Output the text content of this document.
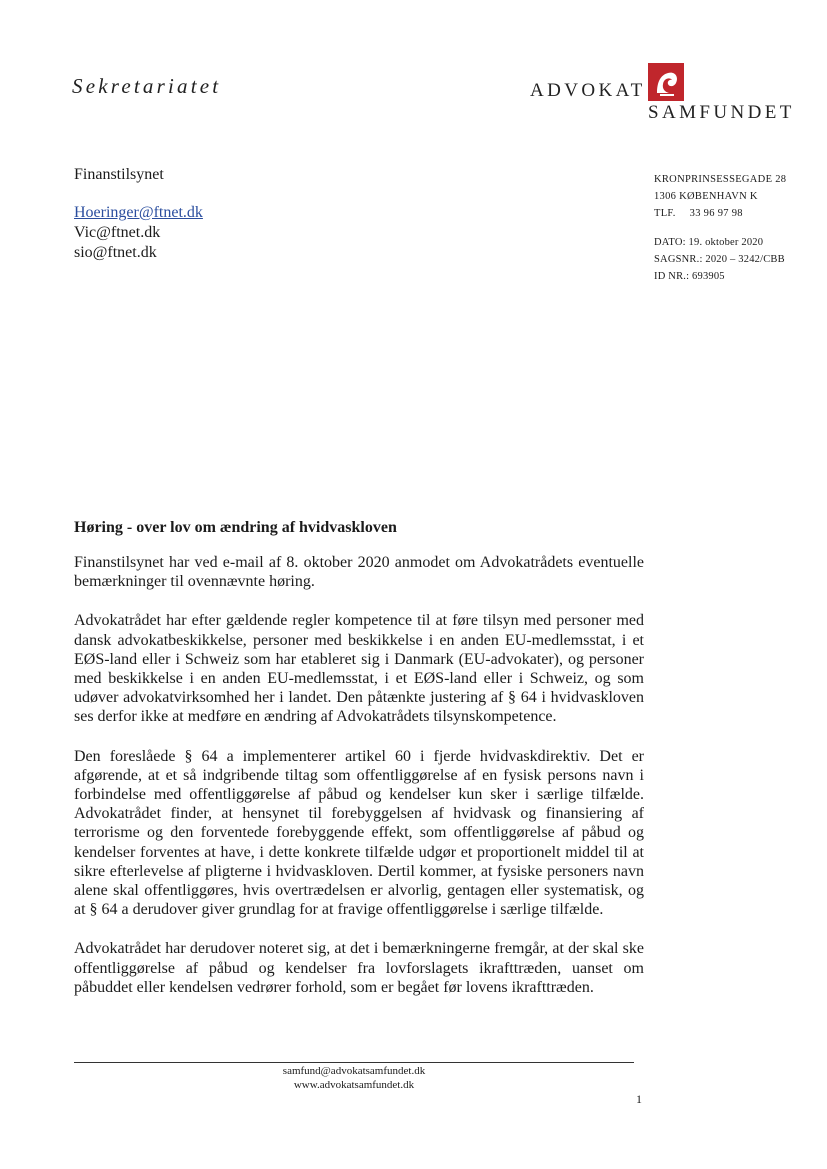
Sekretariatet	ADVOKAT
SAMFUNDET
Finanstilsynet
Hoeringer@ftnet.dk
Vic@ftnet.dk
sio@ftnet.dk
KRONPRINSESSEGADE 28
1306 KØBENHAVN K
TLF. 33 96 97 98
DATO: 19. oktober 2020
SAGSNR.: 2020 – 3242/CBB
ID NR.: 693905
Høring - over lov om ændring af hvidvaskloven

Finanstilsynet har ved e-mail af 8. oktober 2020 anmodet om Advokatrådets eventuelle bemærkninger til ovennævnte høring.

Advokatrådet har efter gældende regler kompetence til at føre tilsyn med personer med dansk advokatbeskikkelse, personer med beskikkelse i en anden EU-medlemsstat, i et EØS-land eller i Schweiz som har etableret sig i Danmark (EU-advokater), og personer med beskikkelse i en anden EU-medlemsstat, i et EØS-land eller i Schweiz, og som udøver advokatvirksomhed her i landet. Den påtænkte justering af § 64 i hvidvaskloven ses derfor ikke at medføre en ændring af Advokatrådets tilsynskompetence.

Den foreslåede § 64 a implementerer artikel 60 i fjerde hvidvaskdirektiv. Det er afgørende, at et så indgribende tiltag som offentliggørelse af en fysisk persons navn i forbindelse med offentliggørelse af påbud og kendelser kun sker i særlige tilfælde. Advokatrådet finder, at hensynet til forebyggelsen af hvidvask og finansiering af terrorisme og den forventede forebyggende effekt, som offentliggørelse af påbud og kendelser forventes at have, i dette konkrete tilfælde udgør et proportionelt middel til at sikre efterlevelse af pligterne i hvidvaskloven. Dertil kommer, at fysiske personers navn alene skal offentliggøres, hvis overtrædelsen er alvorlig, gentagen eller systematisk, og at § 64 a derudover giver grundlag for at fravige offentliggørelse i særlige tilfælde.

Advokatrådet har derudover noteret sig, at det i bemærkningerne fremgår, at der skal ske offentliggørelse af påbud og kendelser fra lovforslagets ikrafttræden, uanset om påbuddet eller kendelsen vedrører forhold, som er begået før lovens ikrafttræden.

samfund@advokatsamfundet.dk
www.advokatsamfundet.dk
1
